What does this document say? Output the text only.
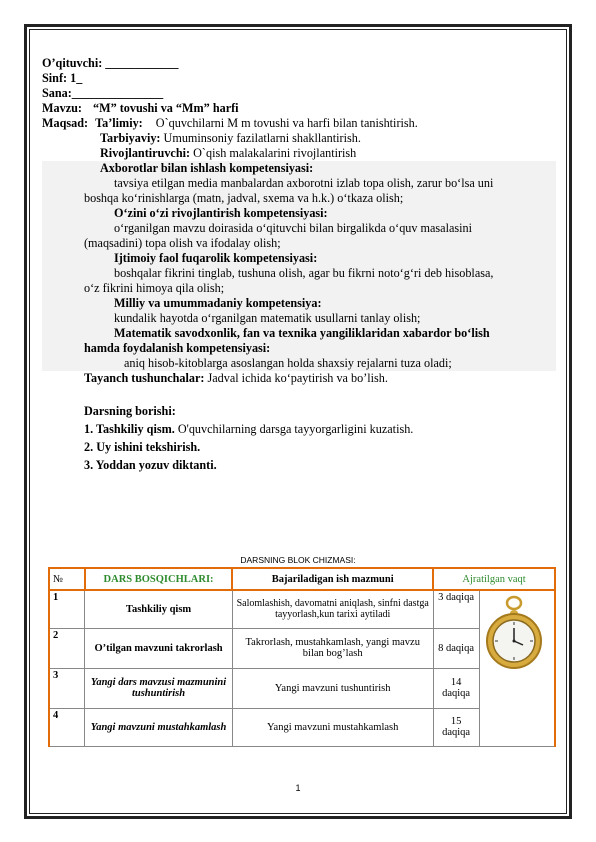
O’qituvchi: ____________
Sinf: 1_
Sana:_______________
Mavzu: “M” tovushi va “Mm” harfi
Maqsad: Ta’limiy: O`quvchilarni M m tovushi va harfi bilan tanishtirish.
Tarbiyaviy: Umuminsoniy fazilatlarni shakllantirish.
Rivojlantiruvchi: O`qish malakalarini rivojlantirish
Axborotlar bilan ishlash kompetensiyasi:
tavsiya etilgan media manbalardan axborotni izlab topa olish, zarur bo‘lsa uni
boshqa ko‘rinishlarga (matn, jadval, sxema va h.k.) o‘tkaza olish;
O‘zini o‘zi rivojlantirish kompetensiyasi:
o‘rganilgan mavzu doirasida o‘qituvchi bilan birgalikda o‘quv masalasini
(maqsadini) topa olish va ifodalay olish;
Ijtimoiy faol fuqarolik kompetensiyasi:
boshqalar fikrini tinglab, tushuna olish, agar bu fikrni noto‘g‘ri deb hisoblasa,
o‘z fikrini himoya qila olish;
Milliy va umummadaniy kompetensiya:
kundalik hayotda o‘rganilgan matematik usullarni tanlay olish;
Matematik savodxonlik, fan va texnika yangiliklaridan xabardor bo‘lish
hamda foydalanish kompetensiyasi:
aniq hisob-kitoblarga asoslangan holda shaxsiy rejalarni tuza oladi;
Tayanch tushunchalar: Jadval ichida ko‘paytirish va bo’lish.
Darsning borishi:
1. Tashkiliy qism. O'quvchilarning darsga tayyorgarligini kuzatish.
2. Uy ishini tekshirish.
3. Yoddan yozuv diktanti.
DARSNING BLOK CHIZMASI:
№	DARS BOSQICHLARI:	Bajariladigan ish mazmuni	Ajratilgan vaqt	
1	Tashkiliy qism	Salomlashish, davomatni aniqlash, sinfni dastga tayyorlash,kun tarixi aytiladi	3 daqiqa	
2	O’tilgan mavzuni takrorlash	Takrorlash, mustahkamlash, yangi mavzu bilan bog’lash	8 daqiqa	
3	Yangi dars mavzusi mazmunini tushuntirish	Yangi mavzuni tushuntirish	14 daqiqa	
4	Yangi mavzuni mustahkamlash	Yangi mavzuni mustahkamlash	15 daqiqa	
1
